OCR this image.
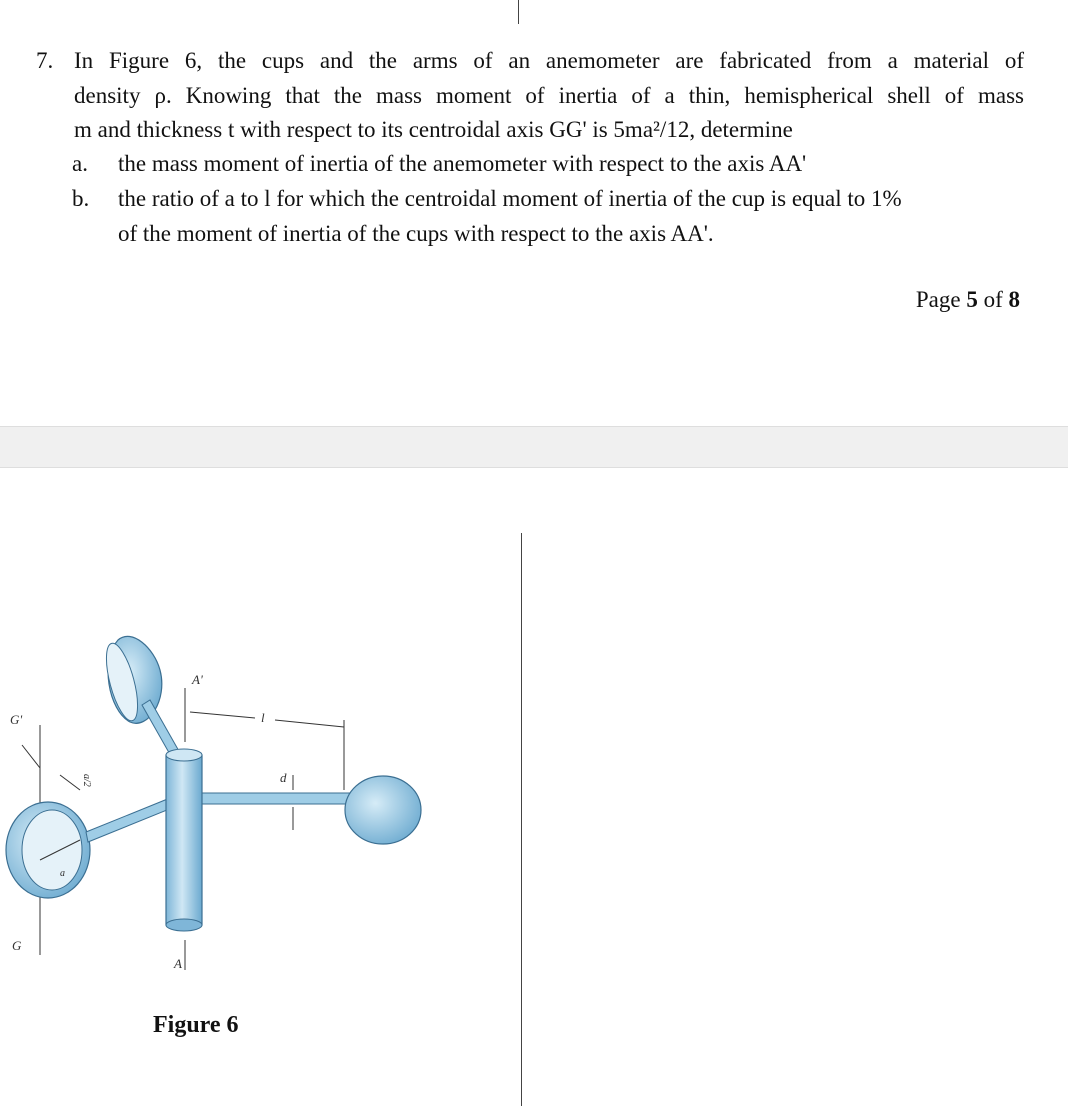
7. In Figure 6, the cups and the arms of an anemometer are fabricated from a material of
density ρ. Knowing that the mass moment of inertia of a thin, hemispherical shell of mass
m and thickness t with respect to its centroidal axis GG' is 5ma²/12, determine
a. the mass moment of inertia of the anemometer with respect to the axis AA'
b. the ratio of a to l for which the centroidal moment of inertia of the cup is equal to 1%
of the moment of inertia of the cups with respect to the axis AA'.
Page 5 of 8
A'
A
G'
G
l
d
a/2
a
Figure 6
